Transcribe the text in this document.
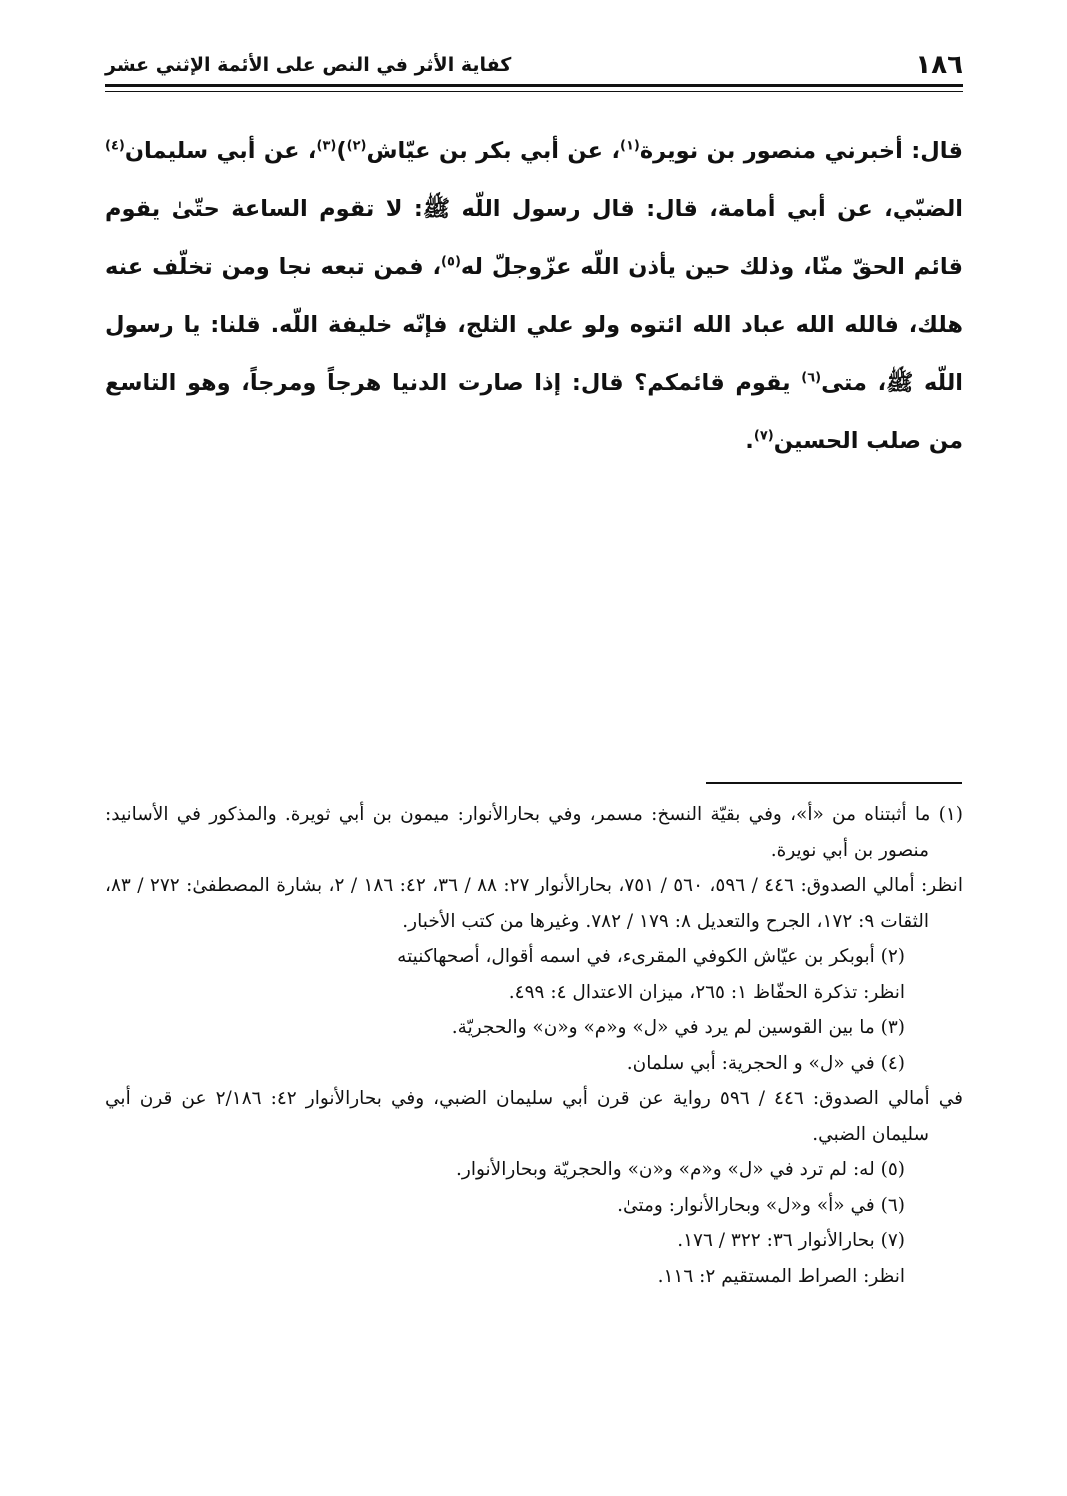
١٨٦
كفاية الأثر في النص على الأئمة الإثني عشر

قال: أخبرني منصور بن نويرة$^{(١)}$، عن أبي بكر بن عيّاش$^{(٢)}$)$^{(٣)}$، عن أبي سليمان$^{(٤)}$ الضبّي، عن أبي أمامة، قال: قال رسول اللّه ﷺ: لا تقوم الساعة حتّىٰ يقوم قائم الحقّ منّا، وذلك حين يأذن اللّه عزّوجلّ له$^{(٥)}$، فمن تبعه نجا ومن تخلّف عنه هلك، فالله الله عباد الله ائتوه ولو علي الثلج، فإنّه خليفة اللّه. قلنا: يا رسول اللّه ﷺ، متى$^{(٦)}$ يقوم قائمكم؟ قال: إذا صارت الدنيا هرجاً ومرجاً، وهو التاسع من صلب الحسين$^{(٧)}$.

(١) ما أثبتناه من «أ»، وفي بقيّة النسخ: مسمر، وفي بحارالأنوار: ميمون بن أبي ثويرة. والمذكور في الأسانيد: منصور بن أبي نويرة.
انظر: أمالي الصدوق: ٤٤٦ / ٥٩٦، ٥٦٠ / ٧٥١، بحارالأنوار ٢٧: ٨٨ / ٣٦، ٤٢: ١٨٦ / ٢، بشارة المصطفىٰ: ٢٧٢ / ٨٣، الثقات ٩: ١٧٢، الجرح والتعديل ٨: ١٧٩ / ٧٨٢. وغيرها من كتب الأخبار.
(٢) أبوبكر بن عيّاش الكوفي المقرىء، في اسمه أقوال، أصحهاكنيته
انظر: تذكرة الحفّاظ ١: ٢٦٥، ميزان الاعتدال ٤: ٤٩٩.
(٣) ما بين القوسين لم يرد في «ل» و«م» و«ن» والحجريّة.
(٤) في «ل» و الحجرية: أبي سلمان.
في أمالي الصدوق: ٤٤٦ / ٥٩٦ رواية عن قرن أبي سليمان الضبي، وفي بحارالأنوار ٤٢: ٢/١٨٦ عن قرن أبي سليمان الضبي.
(٥) له: لم ترد في «ل» و«م» و«ن» والحجريّة وبحارالأنوار.
(٦) في «أ» و«ل» وبحارالأنوار: ومتىٰ.
(٧) بحارالأنوار ٣٦: ٣٢٢ / ١٧٦.
انظر: الصراط المستقيم ٢: ١١٦.
